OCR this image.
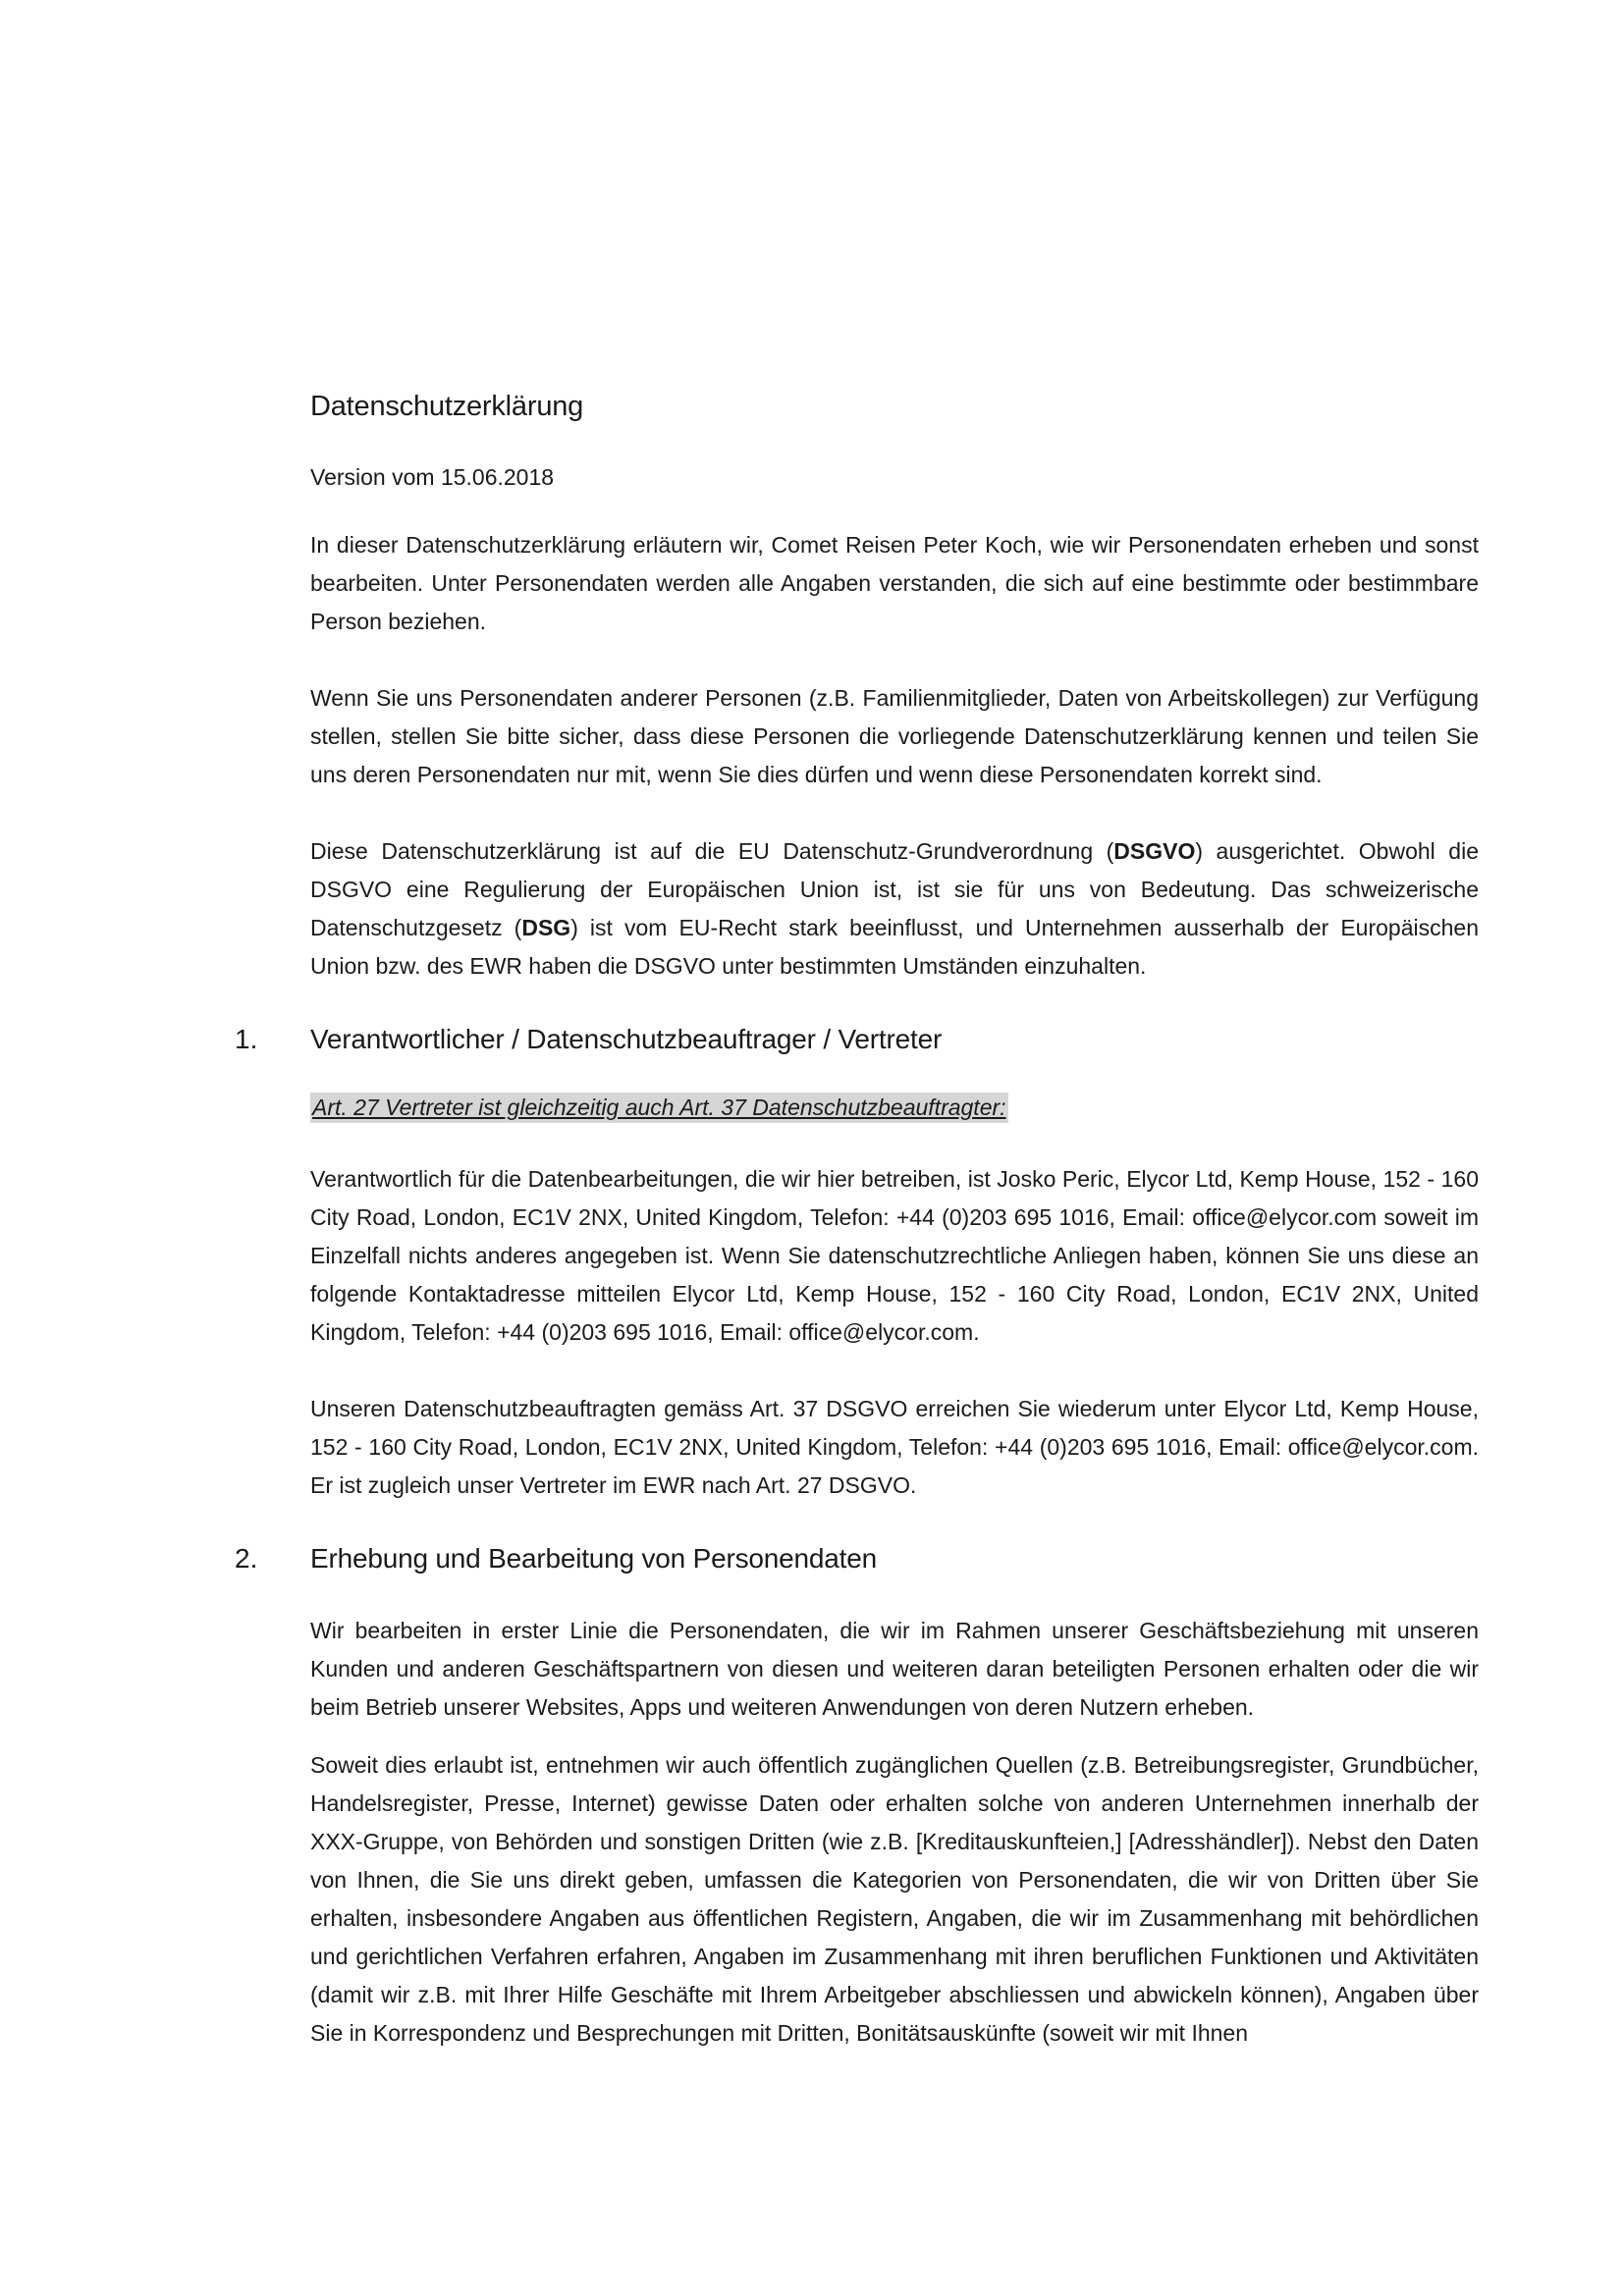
Datenschutzerklärung
Version vom 15.06.2018

In dieser Datenschutzerklärung erläutern wir, Comet Reisen Peter Koch, wie wir Personendaten erheben und sonst bearbeiten. Unter Personendaten werden alle Angaben verstanden, die sich auf eine bestimmte oder bestimmbare Person beziehen.

Wenn Sie uns Personendaten anderer Personen (z.B. Familienmitglieder, Daten von Arbeitskollegen) zur Verfügung stellen, stellen Sie bitte sicher, dass diese Personen die vorliegende Datenschutzerklärung kennen und teilen Sie uns deren Personendaten nur mit, wenn Sie dies dürfen und wenn diese Personendaten korrekt sind.

Diese Datenschutzerklärung ist auf die EU Datenschutz-Grundverordnung (DSGVO) ausgerichtet. Obwohl die DSGVO eine Regulierung der Europäischen Union ist, ist sie für uns von Bedeutung. Das schweizerische Datenschutzgesetz (DSG) ist vom EU-Recht stark beeinflusst, und Unternehmen ausserhalb der Europäischen Union bzw. des EWR haben die DSGVO unter bestimmten Umständen einzuhalten.

1. Verantwortlicher / Datenschutzbeauftrager / Vertreter
Art. 27 Vertreter ist gleichzeitig auch Art. 37 Datenschutzbeauftragter:

Verantwortlich für die Datenbearbeitungen, die wir hier betreiben, ist Josko Peric, Elycor Ltd, Kemp House, 152 - 160 City Road, London, EC1V 2NX, United Kingdom, Telefon: +44 (0)203 695 1016, Email: office@elycor.com soweit im Einzelfall nichts anderes angegeben ist. Wenn Sie datenschutzrechtliche Anliegen haben, können Sie uns diese an folgende Kontaktadresse mitteilen Elycor Ltd, Kemp House, 152 - 160 City Road, London, EC1V 2NX, United Kingdom, Telefon: +44 (0)203 695 1016, Email: office@elycor.com.

Unseren Datenschutzbeauftragten gemäss Art. 37 DSGVO erreichen Sie wiederum unter Elycor Ltd, Kemp House, 152 - 160 City Road, London, EC1V 2NX, United Kingdom, Telefon: +44 (0)203 695 1016, Email: office@elycor.com. Er ist zugleich unser Vertreter im EWR nach Art. 27 DSGVO.

2. Erhebung und Bearbeitung von Personendaten

Wir bearbeiten in erster Linie die Personendaten, die wir im Rahmen unserer Geschäftsbeziehung mit unseren Kunden und anderen Geschäftspartnern von diesen und weiteren daran beteiligten Personen erhalten oder die wir beim Betrieb unserer Websites, Apps und weiteren Anwendungen von deren Nutzern erheben.

Soweit dies erlaubt ist, entnehmen wir auch öffentlich zugänglichen Quellen (z.B. Betreibungsregister, Grundbücher, Handelsregister, Presse, Internet) gewisse Daten oder erhalten solche von anderen Unternehmen innerhalb der XXX-Gruppe, von Behörden und sonstigen Dritten (wie z.B. [Kreditauskunfteien,] [Adresshändler]). Nebst den Daten von Ihnen, die Sie uns direkt geben, umfassen die Kategorien von Personendaten, die wir von Dritten über Sie erhalten, insbesondere Angaben aus öffentlichen Registern, Angaben, die wir im Zusammenhang mit behördlichen und gerichtlichen Verfahren erfahren, Angaben im Zusammenhang mit ihren beruflichen Funktionen und Aktivitäten (damit wir z.B. mit Ihrer Hilfe Geschäfte mit Ihrem Arbeitgeber abschliessen und abwickeln können), Angaben über Sie in Korrespondenz und Besprechungen mit Dritten, Bonitätsauskünfte (soweit wir mit Ihnen
